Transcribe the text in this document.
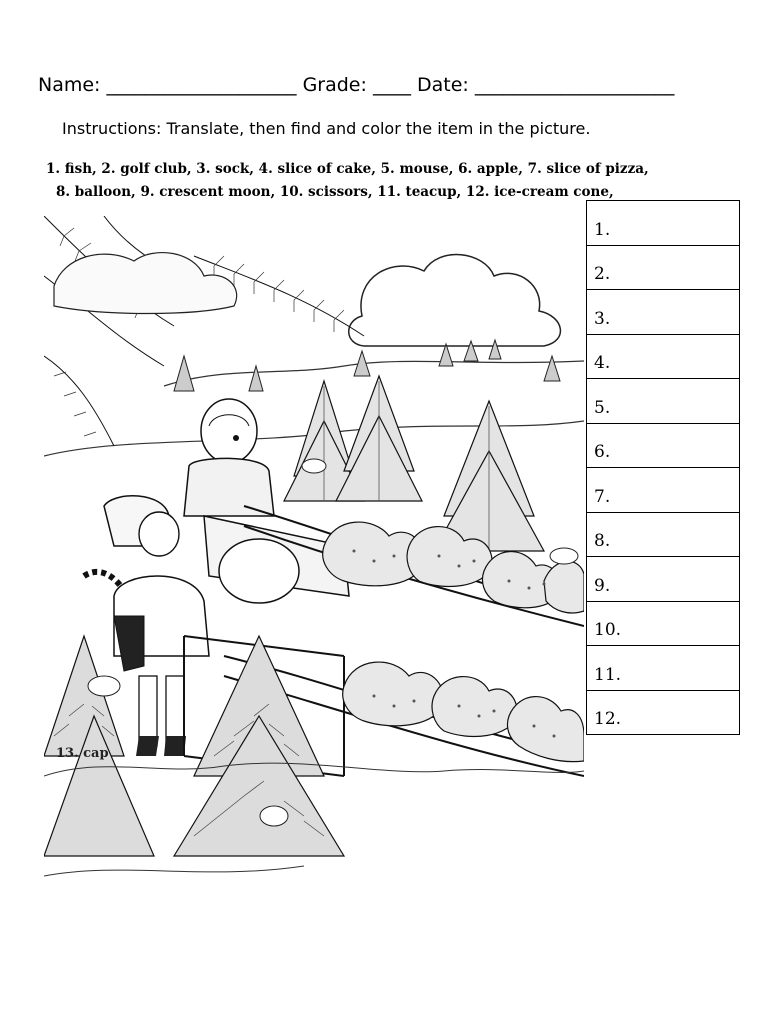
Name: ____________________ Grade: ____ Date: _____________________
Instructions: Translate, then find and color the item in the picture.
1. fish, 2. golf club, 3. sock, 4. slice of cake, 5. mouse, 6. apple, 7. slice of pizza,
8. balloon, 9. crescent moon, 10. scissors, 11. teacup, 12. ice-cream cone,
13. cap
1.
2.
3.
4.
5.
6.
7.
8.
9.
10.
11.
12.
